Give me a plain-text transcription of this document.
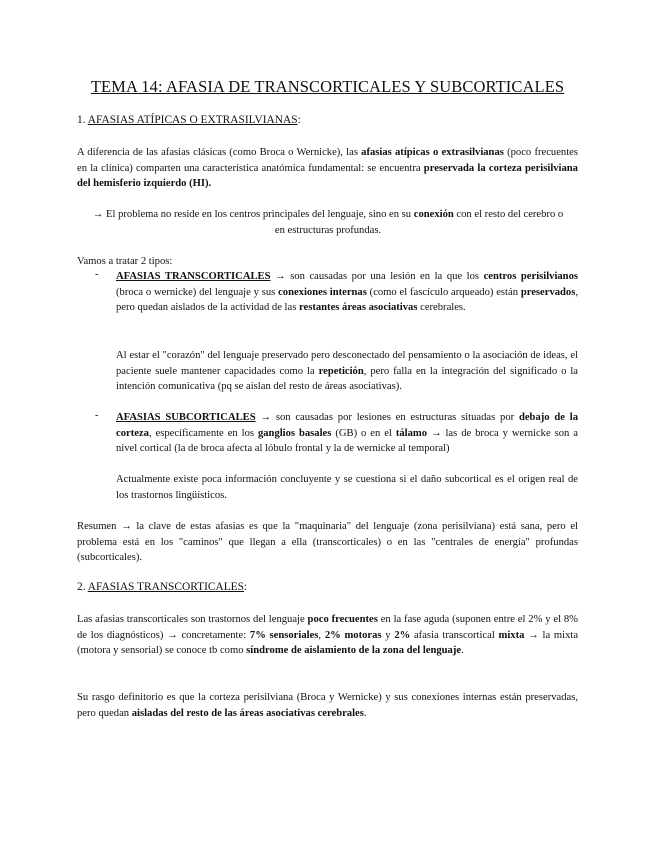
TEMA 14: AFASIA DE TRANSCORTICALES Y SUBCORTICALES

1. AFASIAS ATÍPICAS O EXTRASILVIANAS:

A diferencia de las afasias clásicas (como Broca o Wernicke), las afasias atípicas o extrasilvianas (poco frecuentes en la clínica) comparten una característica anatómica fundamental: se encuentra preservada la corteza perisilviana del hemisferio izquierdo (HI).

→ El problema no reside en los centros principales del lenguaje, sino en su conexión con el resto del cerebro o en estructuras profundas.

Vamos a tratar 2 tipos:

- AFASIAS TRANSCORTICALES → son causadas por una lesión en la que los centros perisilvianos (broca o wernicke) del lenguaje y sus conexiones internas (como el fascículo arqueado) están preservados, pero quedan aislados de la actividad de las restantes áreas asociativas cerebrales.

Al estar el "corazón" del lenguaje preservado pero desconectado del pensamiento o la asociación de ideas, el paciente suele mantener capacidades como la repetición, pero falla en la integración del significado o la intención comunicativa (pq se aíslan del resto de áreas asociativas).

- AFASIAS SUBCORTICALES → son causadas por lesiones en estructuras situadas por debajo de la corteza, específicamente en los ganglios basales (GB) o en el tálamo → las de broca y wernicke son a nivel cortical (la de broca afecta al lóbulo frontal y la de wernicke al temporal)

Actualmente existe poca información concluyente y se cuestiona si el daño subcortical es el origen real de los trastornos lingüísticos.

Resumen → la clave de estas afasias es que la "maquinaria" del lenguaje (zona perisilviana) está sana, pero el problema está en los "caminos" que llegan a ella (transcorticales) o en las "centrales de energía" profundas (subcorticales).

2. AFASIAS TRANSCORTICALES:

Las afasias transcorticales son trastornos del lenguaje poco frecuentes en la fase aguda (suponen entre el 2% y el 8% de los diagnósticos) → concretamente: 7% sensoriales, 2% motoras y 2% afasia transcortical mixta → la mixta (motora y sensorial) se conoce tb como síndrome de aislamiento de la zona del lenguaje.

Su rasgo definitorio es que la corteza perisilviana (Broca y Wernicke) y sus conexiones internas están preservadas, pero quedan aisladas del resto de las áreas asociativas cerebrales.
